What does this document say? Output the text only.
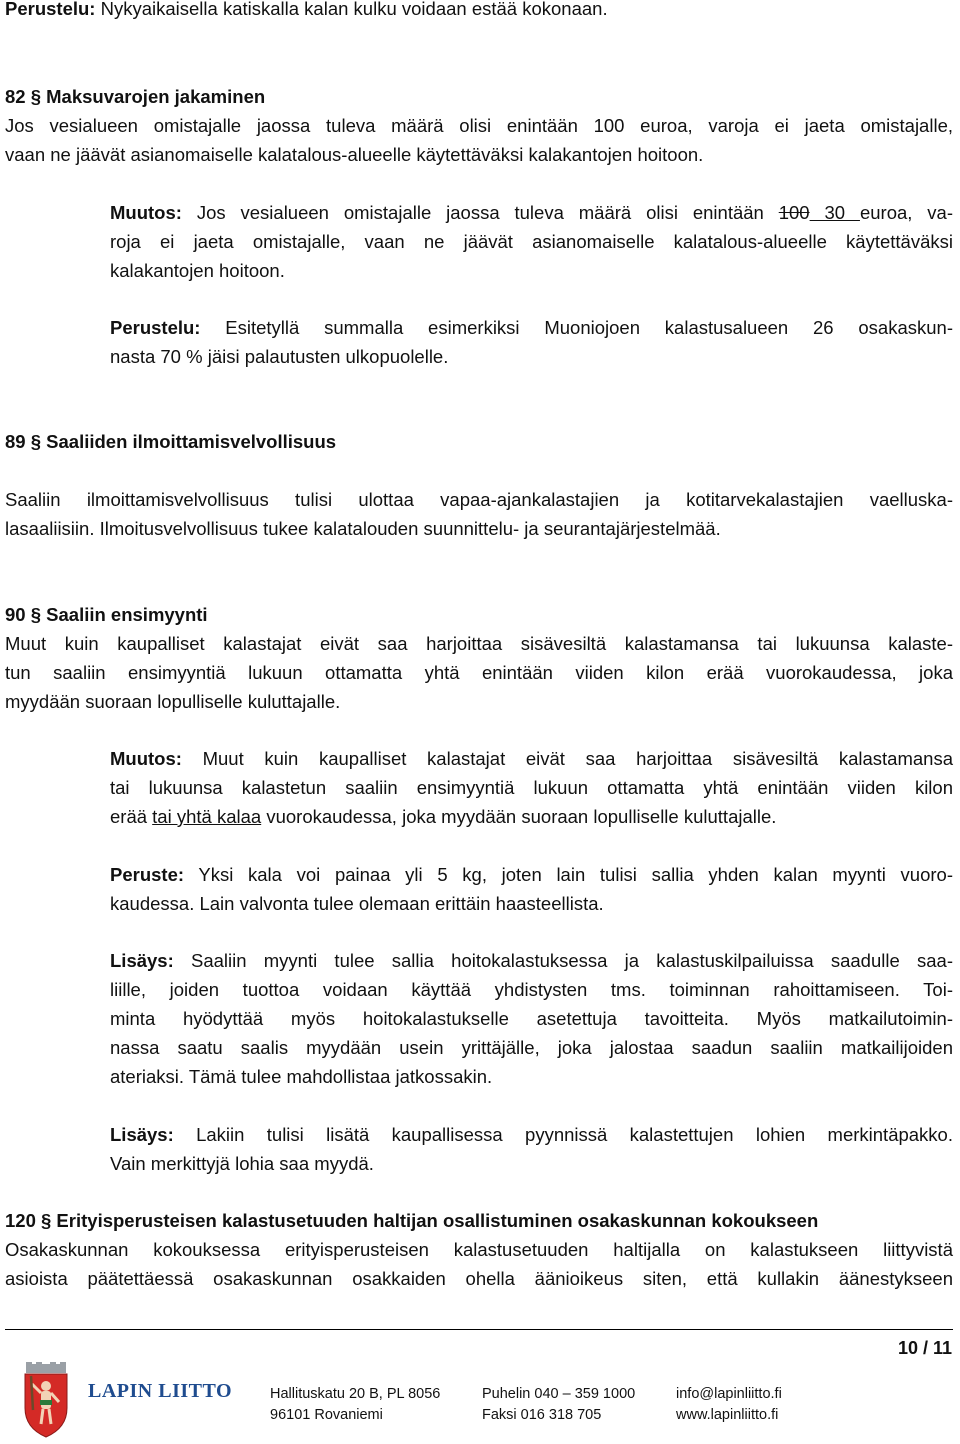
Perustelu: Nykyaikaisella katiskalla kalan kulku voidaan estää kokonaan.
82 § Maksuvarojen jakaminen
Jos vesialueen omistajalle jaossa tuleva määrä olisi enintään 100 euroa, varoja ei jaeta omistajalle,
vaan ne jäävät asianomaiselle kalatalous-alueelle käytettäväksi kalakantojen hoitoon.
Muutos: Jos vesialueen omistajalle jaossa tuleva määrä olisi enintään 100 30 euroa, va-
roja ei jaeta omistajalle, vaan ne jäävät asianomaiselle kalatalous-alueelle käytettäväksi
kalakantojen hoitoon.
Perustelu: Esitetyllä summalla esimerkiksi Muoniojoen kalastusalueen 26 osakaskun-
nasta 70 % jäisi palautusten ulkopuolelle.
89 § Saaliiden ilmoittamisvelvollisuus
Saaliin ilmoittamisvelvollisuus tulisi ulottaa vapaa-ajankalastajien ja kotitarvekalastajien vaelluska-
lasaaliisiin. Ilmoitusvelvollisuus tukee kalatalouden suunnittelu- ja seurantajärjestelmää.
90 § Saaliin ensimyynti
Muut kuin kaupalliset kalastajat eivät saa harjoittaa sisävesiltä kalastamansa tai lukuunsa kalaste-
tun saaliin ensimyyntiä lukuun ottamatta yhtä enintään viiden kilon erää vuorokaudessa, joka
myydään suoraan lopulliselle kuluttajalle.
Muutos: Muut kuin kaupalliset kalastajat eivät saa harjoittaa sisävesiltä kalastamansa
tai lukuunsa kalastetun saaliin ensimyyntiä lukuun ottamatta yhtä enintään viiden kilon
erää tai yhtä kalaa vuorokaudessa, joka myydään suoraan lopulliselle kuluttajalle.
Peruste: Yksi kala voi painaa yli 5 kg, joten lain tulisi sallia yhden kalan myynti vuoro-
kaudessa. Lain valvonta tulee olemaan erittäin haasteellista.
Lisäys: Saaliin myynti tulee sallia hoitokalastuksessa ja kalastuskilpailuissa saadulle saa-
liille, joiden tuottoa voidaan käyttää yhdistysten tms. toiminnan rahoittamiseen. Toi-
minta hyödyttää myös hoitokalastukselle asetettuja tavoitteita. Myös matkailutoimin-
nassa saatu saalis myydään usein yrittäjälle, joka jalostaa saadun saaliin matkailijoiden
ateriaksi. Tämä tulee mahdollistaa jatkossakin.
Lisäys: Lakiin tulisi lisätä kaupallisessa pyynnissä kalastettujen lohien merkintäpakko.
Vain merkittyjä lohia saa myydä.
120 § Erityisperusteisen kalastusetuuden haltijan osallistuminen osakaskunnan kokoukseen
Osakaskunnan kokouksessa erityisperusteisen kalastusetuuden haltijalla on kalastukseen liittyvistä
asioista päätettäessä osakaskunnan osakkaiden ohella äänioikeus siten, että kullakin äänestykseen
10 / 11
LAPIN LIITTO	Hallituskatu 20 B, PL 8056
96101 Rovaniemi
Puhelin 040 – 359 1000
Faksi 016 318 705
info@lapinliitto.fi
www.lapinliitto.fi
